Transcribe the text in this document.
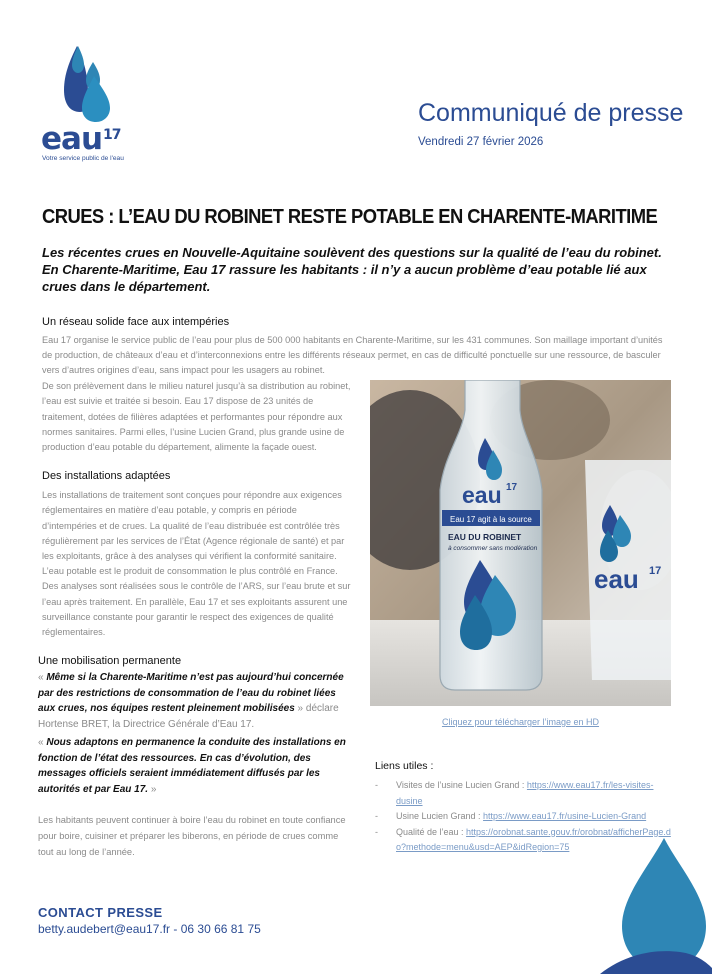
eau$^{17}$
Votre service public de l'eau
Communiqué de presse
Vendredi 27 février 2026
CRUES : L’EAU DU ROBINET RESTE POTABLE EN CHARENTE-MARITIME
Les récentes crues en Nouvelle-Aquitaine soulèvent des questions sur la qualité de l’eau du robinet. En Charente-Maritime, Eau 17 rassure les habitants : il n’y a aucun problème d’eau potable lié aux crues dans le département.
Un réseau solide face aux intempéries
Eau 17 organise le service public de l’eau pour plus de 500 000 habitants en Charente-Maritime, sur les 431 communes. Son maillage important d’unités de production, de châteaux d’eau et d’interconnexions entre les différents réseaux permet, en cas de difficulté ponctuelle sur une ressource, de basculer vers d’autres origines d’eau, sans impact pour les usagers au robinet.
De son prélèvement dans le milieu naturel jusqu’à sa distribution au robinet, l’eau est suivie et traitée si besoin. Eau 17 dispose de 23 unités de traitement, dotées de filières adaptées et performantes pour répondre aux normes sanitaires. Parmi elles, l’usine Lucien Grand, plus grande usine de production d’eau potable du département, alimente la façade ouest.
Des installations adaptées
Les installations de traitement sont conçues pour répondre aux exigences réglementaires en matière d’eau potable, y compris en période d’intempéries et de crues. La qualité de l’eau distribuée est contrôlée très régulièrement par les services de l’État (Agence régionale de santé) et par les exploitants, grâce à des analyses qui vérifient la conformité sanitaire.
L’eau potable est le produit de consommation le plus contrôlé en France. Des analyses sont réalisées sous le contrôle de l’ARS, sur l’eau brute et sur l’eau après traitement. En parallèle, Eau 17 et ses exploitants assurent une surveillance constante pour garantir le respect des exigences de qualité réglementaires.
Une mobilisation permanente
« Même si la Charente-Maritime n’est pas aujourd’hui concernée par des restrictions de consommation de l’eau du robinet liées aux crues, nos équipes restent pleinement mobilisées » déclare Hortense BRET, la Directrice Générale d’Eau 17.
« Nous adaptons en permanence la conduite des installations en fonction de l’état des ressources. En cas d’évolution, des messages officiels seraient immédiatement diffusés par les autorités et par Eau 17. »
Les habitants peuvent continuer à boire l’eau du robinet en toute confiance pour boire, cuisiner et préparer les biberons, en période de crues comme tout au long de l’année.
eau 17
eau 17
Eau 17 agit à la source
EAU DU ROBINET
à consommer sans modération
Cliquez pour télécharger l’image en HD
Liens utiles :
-	Visites de l’usine Lucien Grand : https://www.eau17.fr/les-visites-dusine
-	Usine Lucien Grand : https://www.eau17.fr/usine-Lucien-Grand
-	Qualité de l’eau : https://orobnat.sante.gouv.fr/orobnat/afficherPage.do?methode=menu&usd=AEP&idRegion=75
CONTACT PRESSE
betty.audebert@eau17.fr - 06 30 66 81 75
